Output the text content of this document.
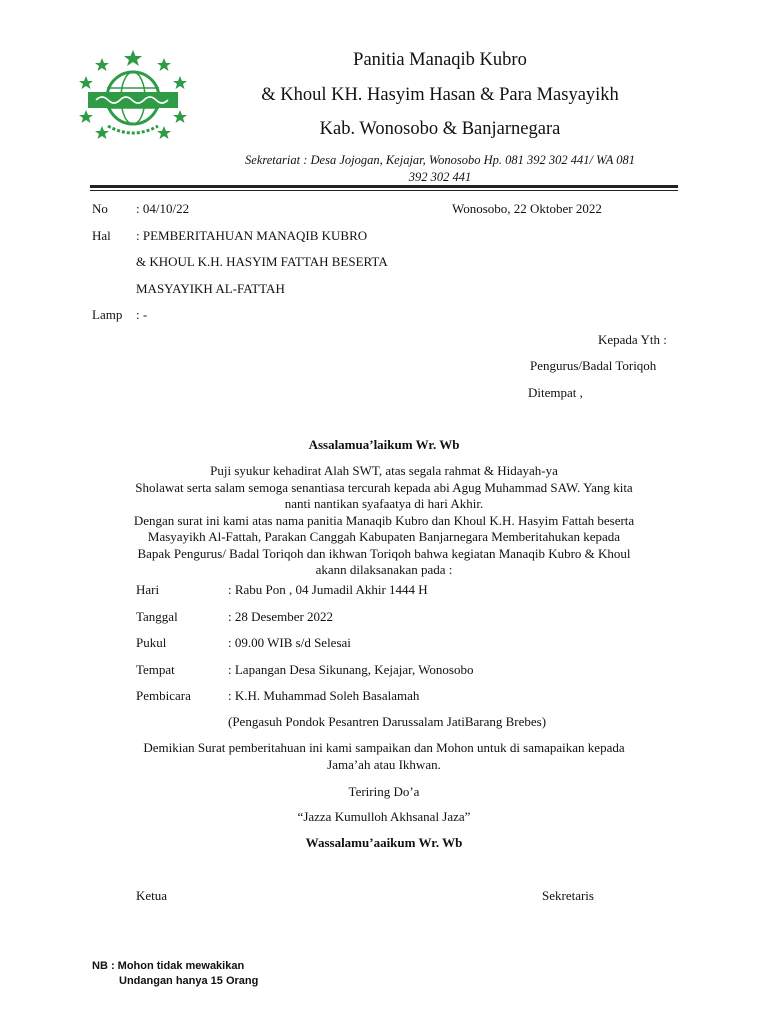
Panitia Manaqib Kubro
& Khoul KH. Hasyim Hasan & Para Masyayikh
Kab. Wonosobo & Banjarnegara
Sekretariat : Desa Jojogan, Kejajar, Wonosobo Hp. 081 392 302 441/ WA 081
392 302 441
No : 04/10/22	Wonosobo, 22 Oktober 2022
Hal : PEMBERITAHUAN MANAQIB KUBRO
& KHOUL K.H. HASYIM FATTAH BESERTA
MASYAYIKH AL-FATTAH
Lamp : -
Kepada Yth :
Pengurus/Badal Toriqoh
Ditempat ,
Assalamua’laikum Wr. Wb
Puji syukur kehadirat Alah SWT, atas segala rahmat & Hidayah-ya
Sholawat serta salam semoga senantiasa tercurah kepada abi Agug Muhammad SAW. Yang kita
nanti nantikan syafaatya di hari Akhir.
Dengan surat ini kami atas nama panitia Manaqib Kubro dan Khoul K.H. Hasyim Fattah beserta
Masyayikh Al-Fattah, Parakan Canggah Kabupaten Banjarnegara Memberitahukan kepada
Bapak Pengurus/ Badal Toriqoh dan ikhwan Toriqoh bahwa kegiatan Manaqib Kubro & Khoul
akann dilaksanakan pada :
Hari	: Rabu Pon , 04 Jumadil Akhir 1444 H
Tanggal	: 28 Desember 2022
Pukul	: 09.00 WIB s/d Selesai
Tempat	: Lapangan Desa Sikunang, Kejajar, Wonosobo
Pembicara	: K.H. Muhammad Soleh Basalamah
(Pengasuh Pondok Pesantren Darussalam JatiBarang Brebes)
Demikian Surat pemberitahuan ini kami sampaikan dan Mohon untuk di samapaikan kepada
Jama’ah atau Ikhwan.
Teriring Do’a
“Jazza Kumulloh Akhsanal Jaza”
Wassalamu’aaikum Wr. Wb
Ketua	Sekretaris
NB : Mohon tidak mewakikan
Undangan hanya 15 Orang
